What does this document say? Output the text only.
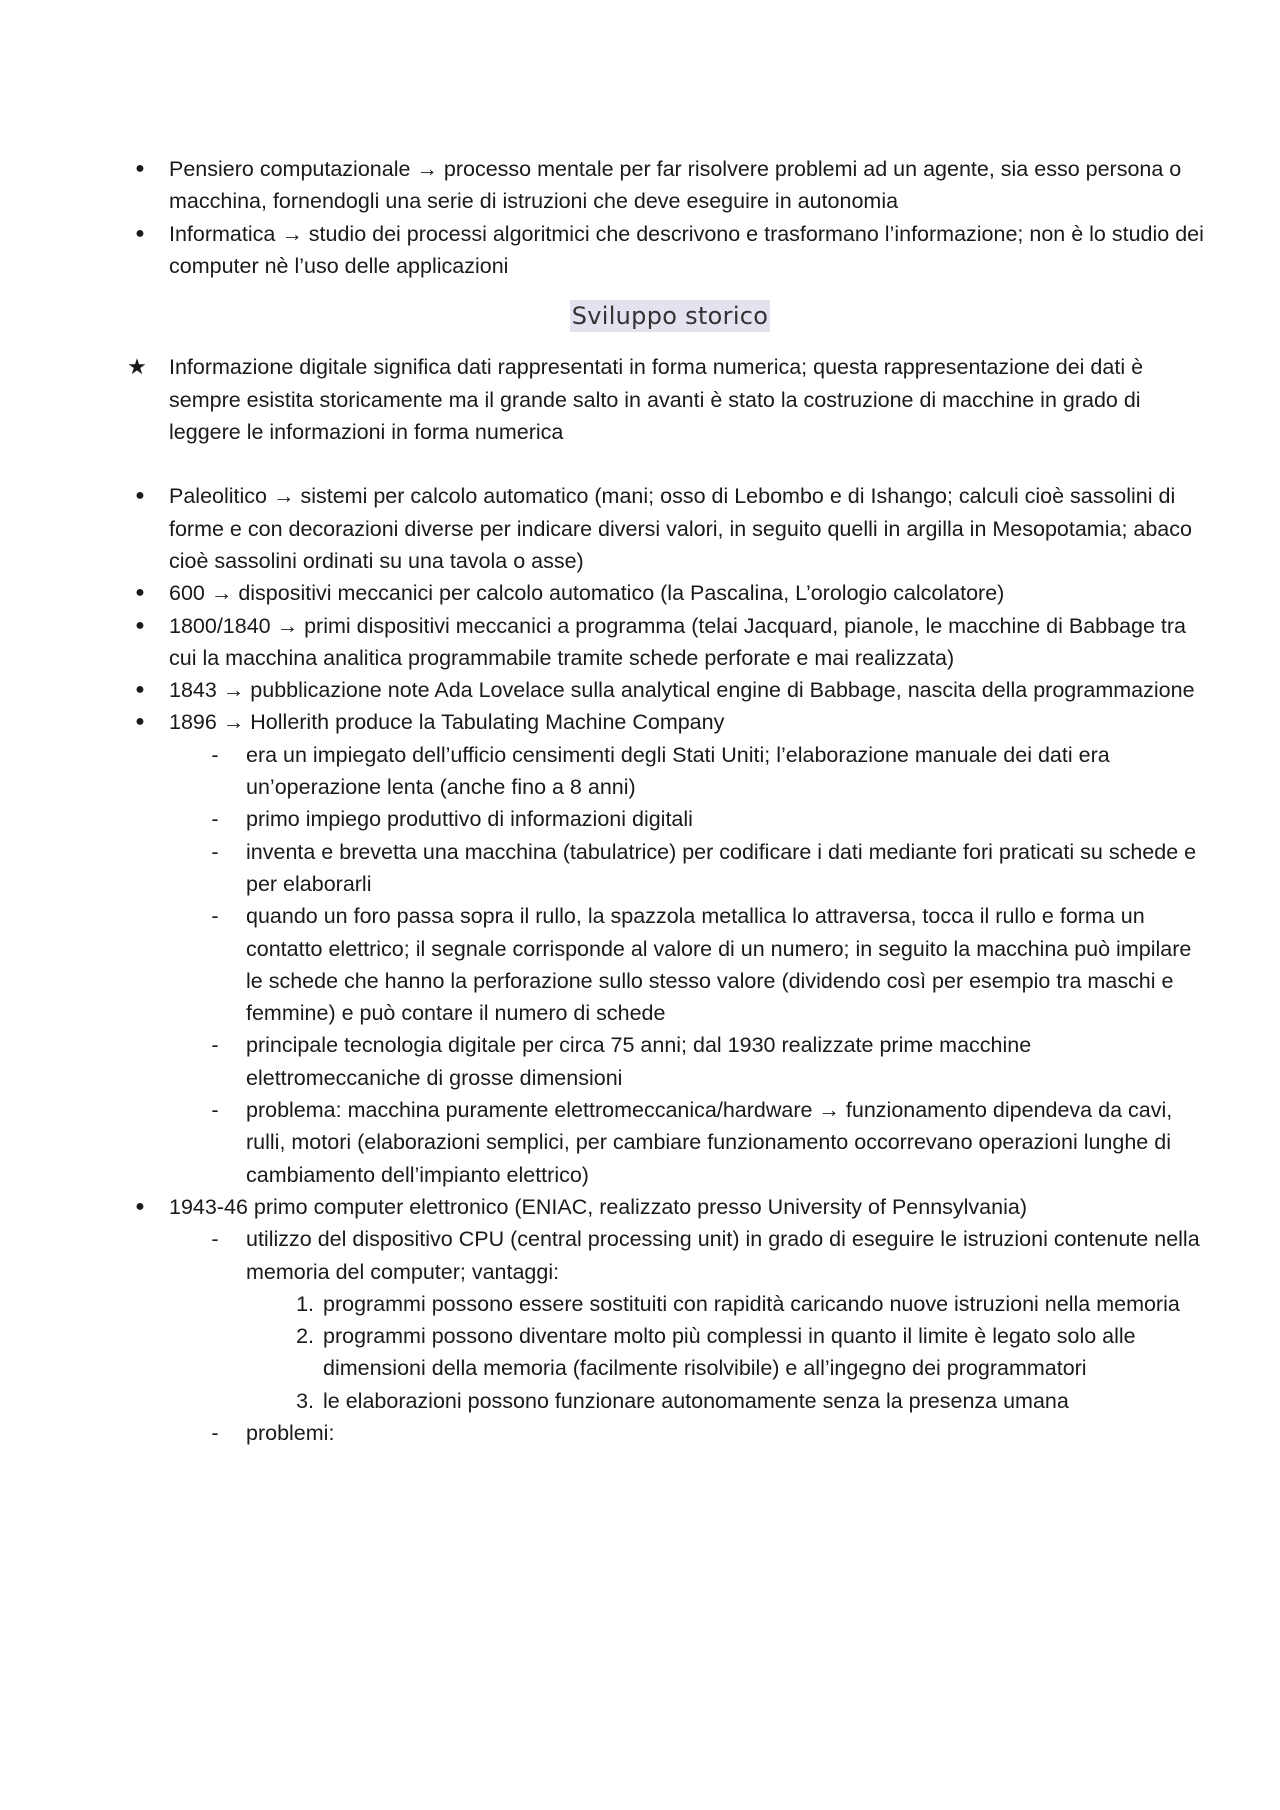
● Pensiero computazionale → processo mentale per far risolvere problemi ad un agente, sia esso persona o macchina, fornendogli una serie di istruzioni che deve eseguire in autonomia
● Informatica → studio dei processi algoritmici che descrivono e trasformano l’informazione; non è lo studio dei computer nè l’uso delle applicazioni
Sviluppo storico
★ Informazione digitale significa dati rappresentati in forma numerica; questa rappresentazione dei dati è sempre esistita storicamente ma il grande salto in avanti è stato la costruzione di macchine in grado di leggere le informazioni in forma numerica
● Paleolitico → sistemi per calcolo automatico (mani; osso di Lebombo e di Ishango; calculi cioè sassolini di forme e con decorazioni diverse per indicare diversi valori, in seguito quelli in argilla in Mesopotamia; abaco cioè sassolini ordinati su una tavola o asse)
● 600 → dispositivi meccanici per calcolo automatico (la Pascalina, L’orologio calcolatore)
● 1800/1840 → primi dispositivi meccanici a programma (telai Jacquard, pianole, le macchine di Babbage tra cui la macchina analitica programmabile tramite schede perforate e mai realizzata)
● 1843 → pubblicazione note Ada Lovelace sulla analytical engine di Babbage, nascita della programmazione
● 1896 → Hollerith produce la Tabulating Machine Company
- era un impiegato dell’ufficio censimenti degli Stati Uniti; l’elaborazione manuale dei dati era un’operazione lenta (anche fino a 8 anni)
- primo impiego produttivo di informazioni digitali
- inventa e brevetta una macchina (tabulatrice) per codificare i dati mediante fori praticati su schede e per elaborarli
- quando un foro passa sopra il rullo, la spazzola metallica lo attraversa, tocca il rullo e forma un contatto elettrico; il segnale corrisponde al valore di un numero; in seguito la macchina può impilare le schede che hanno la perforazione sullo stesso valore (dividendo così per esempio tra maschi e femmine) e può contare il numero di schede
- principale tecnologia digitale per circa 75 anni; dal 1930 realizzate prime macchine elettromeccaniche di grosse dimensioni
- problema: macchina puramente elettromeccanica/hardware → funzionamento dipendeva da cavi, rulli, motori (elaborazioni semplici, per cambiare funzionamento occorrevano operazioni lunghe di cambiamento dell’impianto elettrico)
● 1943-46 primo computer elettronico (ENIAC, realizzato presso University of Pennsylvania)
- utilizzo del dispositivo CPU (central processing unit) in grado di eseguire le istruzioni contenute nella memoria del computer; vantaggi:
1. programmi possono essere sostituiti con rapidità caricando nuove istruzioni nella memoria
2. programmi possono diventare molto più complessi in quanto il limite è legato solo alle dimensioni della memoria (facilmente risolvibile) e all’ingegno dei programmatori
3. le elaborazioni possono funzionare autonomamente senza la presenza umana
- problemi:
